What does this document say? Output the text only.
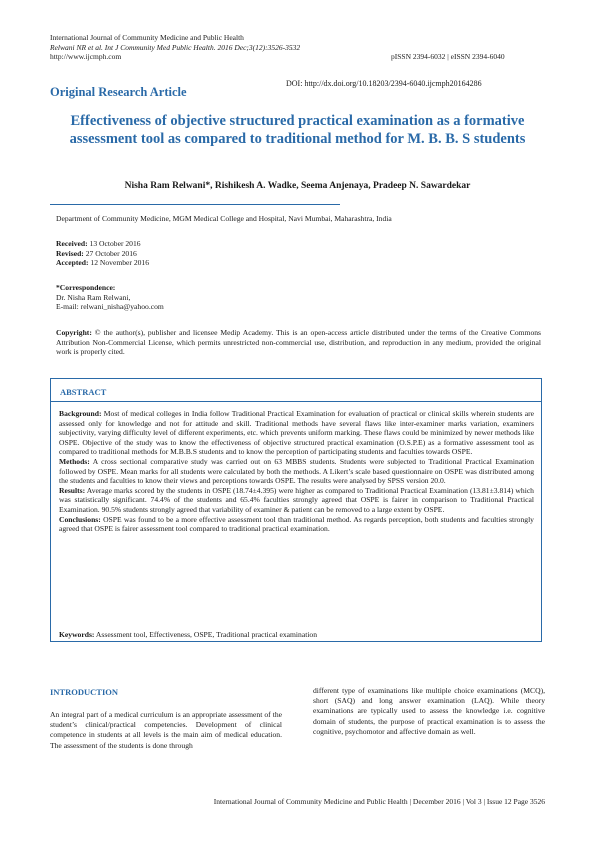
International Journal of Community Medicine and Public Health
Relwani NR et al. Int J Community Med Public Health. 2016 Dec;3(12):3526-3532
http://www.ijcmph.com	pISSN 2394-6032 | eISSN 2394-6040
DOI: http://dx.doi.org/10.18203/2394-6040.ijcmph20164286
Original Research Article
Effectiveness of objective structured practical examination as a formative assessment tool as compared to traditional method for M. B. B. S students
Nisha Ram Relwani*, Rishikesh A. Wadke, Seema Anjenaya, Pradeep N. Sawardekar
Department of Community Medicine, MGM Medical College and Hospital, Navi Mumbai, Maharashtra, India
Received: 13 October 2016
Revised: 27 October 2016
Accepted: 12 November 2016
*Correspondence:
Dr. Nisha Ram Relwani,
E-mail: relwani_nisha@yahoo.com
Copyright: © the author(s), publisher and licensee Medip Academy. This is an open-access article distributed under the terms of the Creative Commons Attribution Non-Commercial License, which permits unrestricted non-commercial use, distribution, and reproduction in any medium, provided the original work is properly cited.
ABSTRACT

Background: Most of medical colleges in India follow Traditional Practical Examination for evaluation of practical or clinical skills wherein students are assessed only for knowledge and not for attitude and skill. Traditional methods have several flaws like inter-examiner marks variation, examiners subjectivity, varying difficulty level of different experiments, etc. which prevents uniform marking. These flaws could be minimized by newer methods like OSPE. Objective of the study was to know the effectiveness of objective structured practical examination (O.S.P.E) as a formative assessment tool as compared to traditional methods for M.B.B.S students and to know the perception of participating students and faculties towards OSPE.

Methods: A cross sectional comparative study was carried out on 63 MBBS students. Students were subjected to Traditional Practical Examination followed by OSPE. Mean marks for all students were calculated by both the methods. A Likert’s scale based questionnaire on OSPE was distributed among the students and faculties to know their views and perceptions towards OSPE. The results were analysed by SPSS version 20.0.

Results: Average marks scored by the students in OSPE (18.74±4.395) were higher as compared to Traditional Practical Examination (13.81±3.814) which was statistically significant. 74.4% of the students and 65.4% faculties strongly agreed that OSPE is fairer in comparison to Traditional Practical Examination. 90.5% students strongly agreed that variability of examiner & patient can be removed to a large extent by OSPE.

Conclusions: OSPE was found to be a more effective assessment tool than traditional method. As regards perception, both students and faculties strongly agreed that OSPE is fairer assessment tool compared to traditional practical examination.

Keywords: Assessment tool, Effectiveness, OSPE, Traditional practical examination
INTRODUCTION
An integral part of a medical curriculum is an appropriate assessment of the student’s clinical/practical competencies. Development of clinical competence in students at all levels is the main aim of medical education. The assessment of the students is done through
different type of examinations like multiple choice examinations (MCQ), short (SAQ) and long answer examination (LAQ). While theory examinations are typically used to assess the knowledge i.e. cognitive domain of students, the purpose of practical examination is to assess the cognitive, psychomotor and affective domain as well.
International Journal of Community Medicine and Public Health | December 2016 | Vol 3 | Issue 12 Page 3526
